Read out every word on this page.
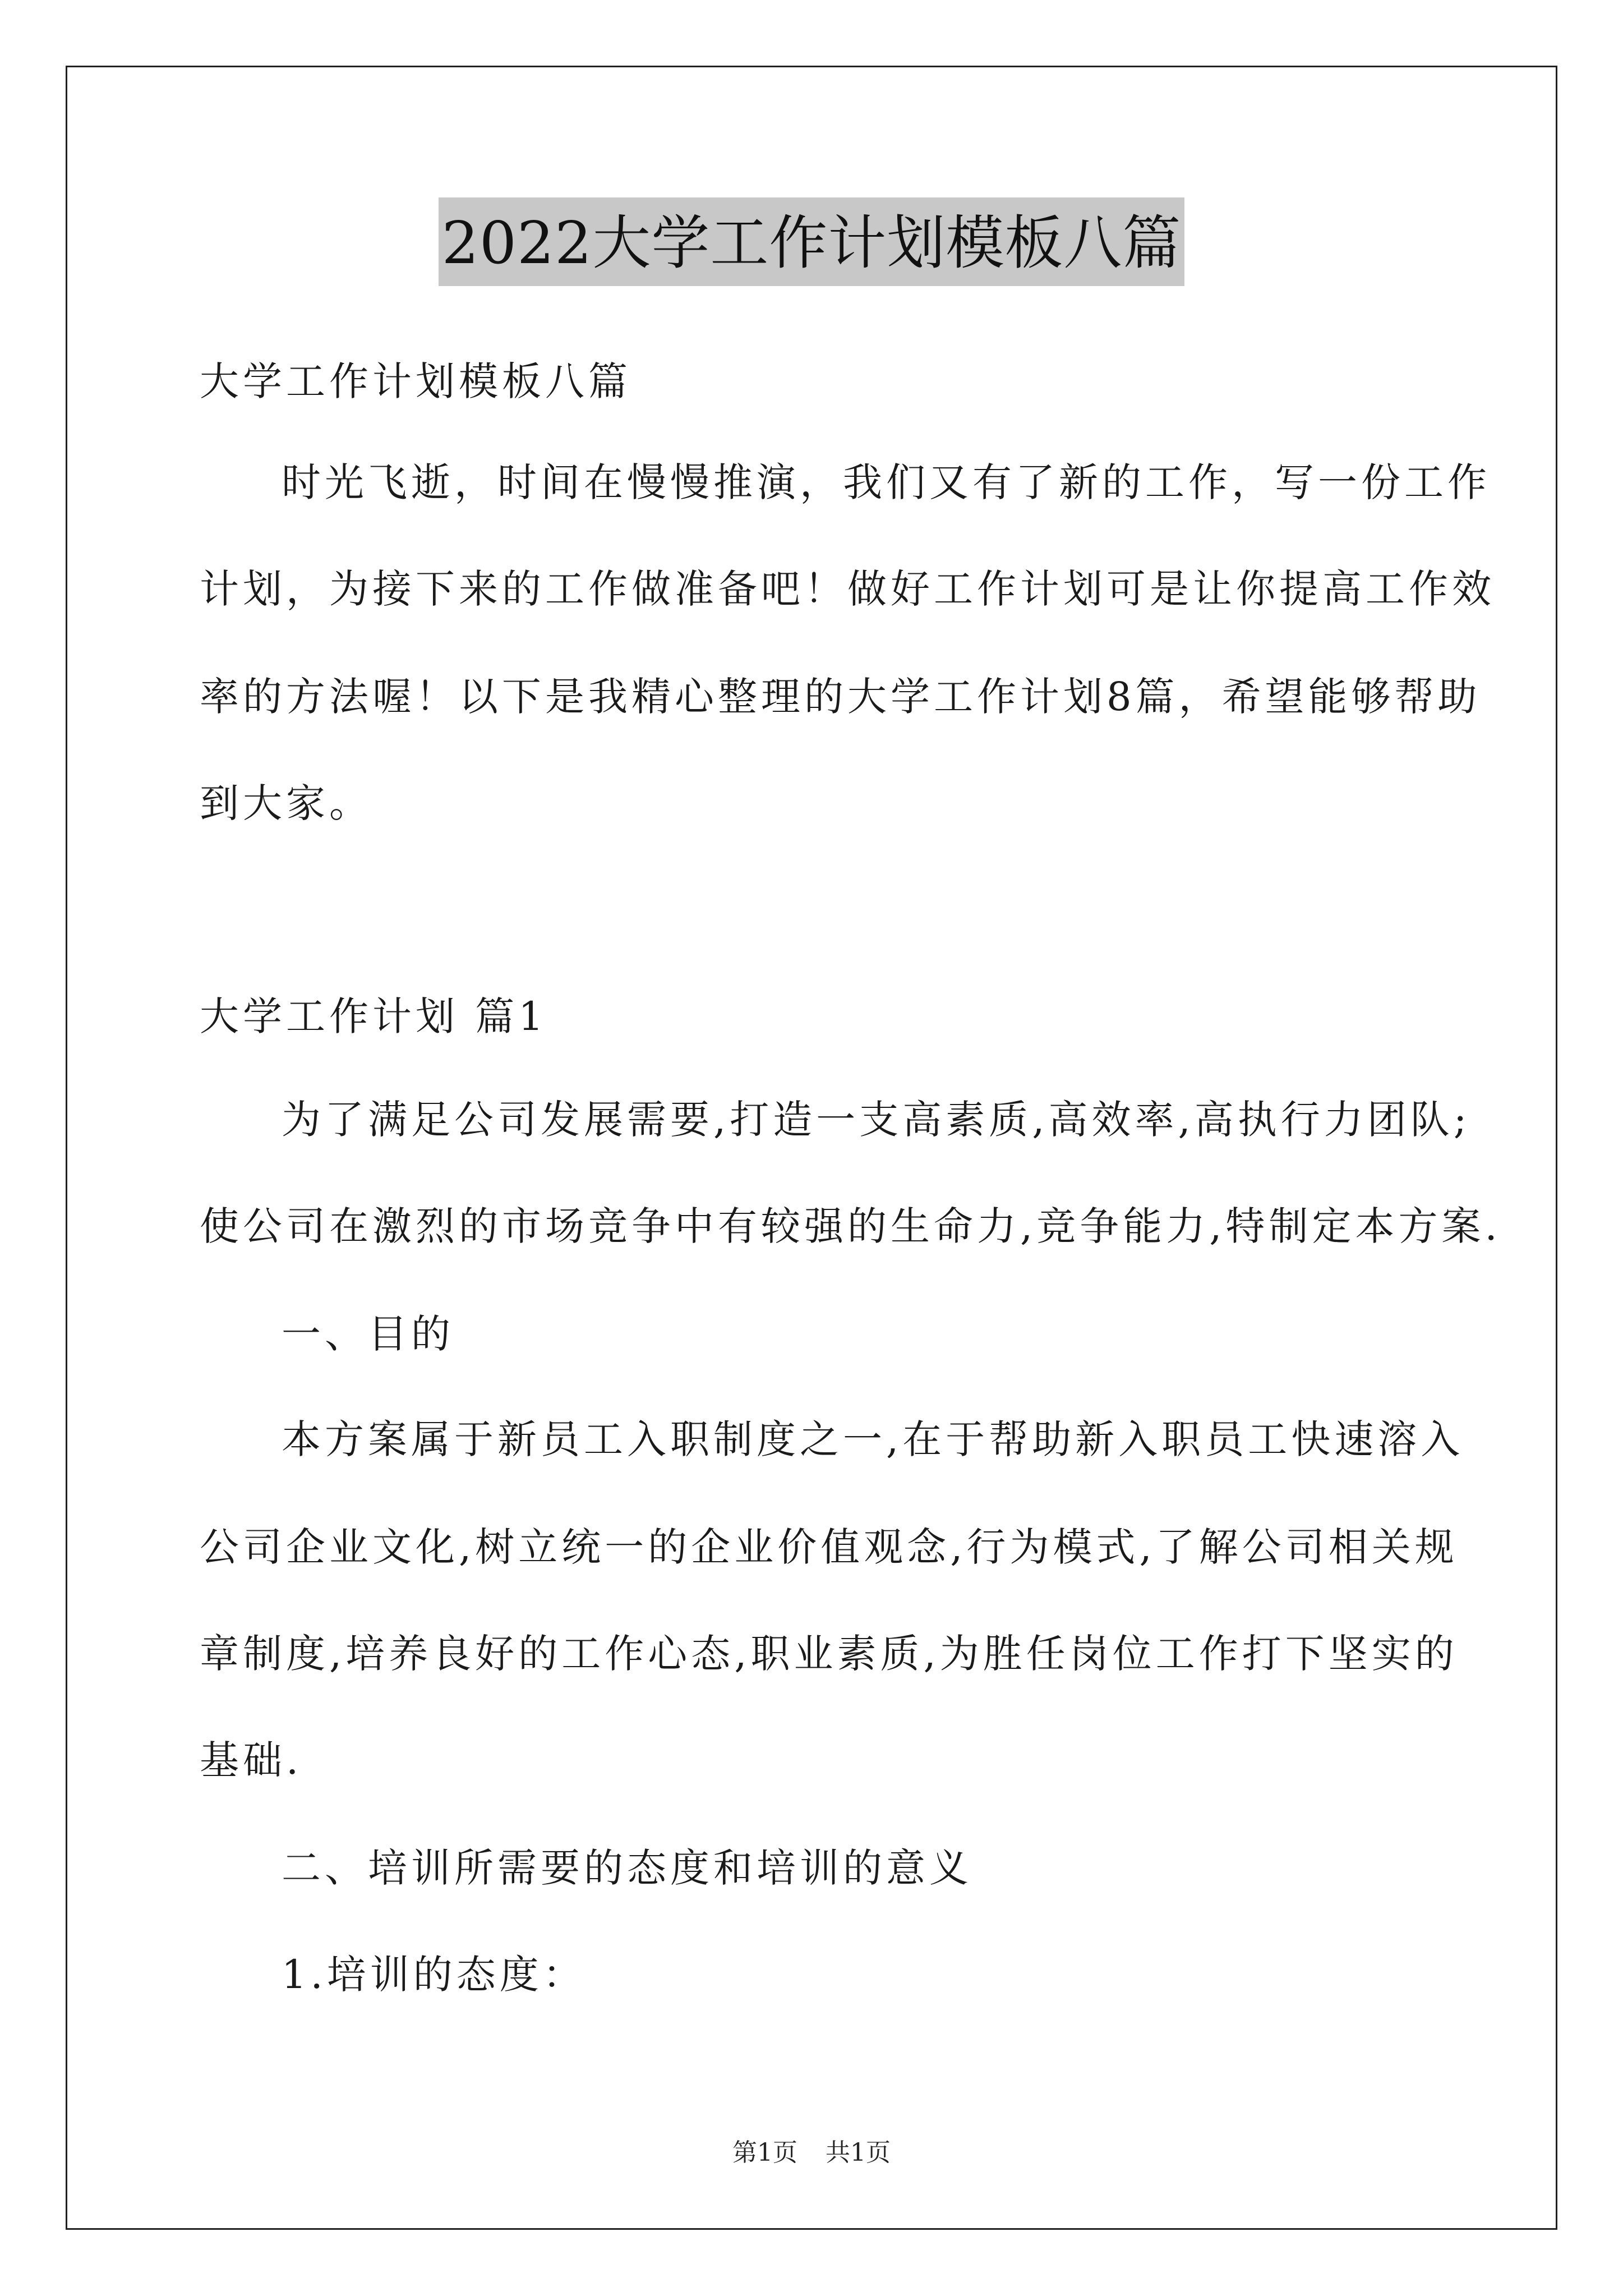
2022大学工作计划模板八篇
大学工作计划模板八篇
时光飞逝，时间在慢慢推演，我们又有了新的工作，写一份工作
计划，为接下来的工作做准备吧！做好工作计划可是让你提高工作效
率的方法喔！以下是我精心整理的大学工作计划8篇，希望能够帮助
到大家。
大学工作计划 篇1
为了满足公司发展需要,打造一支高素质,高效率,高执行力团队;
使公司在激烈的市场竞争中有较强的生命力,竞争能力,特制定本方案.
一、目的
本方案属于新员工入职制度之一,在于帮助新入职员工快速溶入
公司企业文化,树立统一的企业价值观念,行为模式,了解公司相关规
章制度,培养良好的工作心态,职业素质,为胜任岗位工作打下坚实的
基础.
二、培训所需要的态度和培训的意义
1.培训的态度：
第1页 共1页
